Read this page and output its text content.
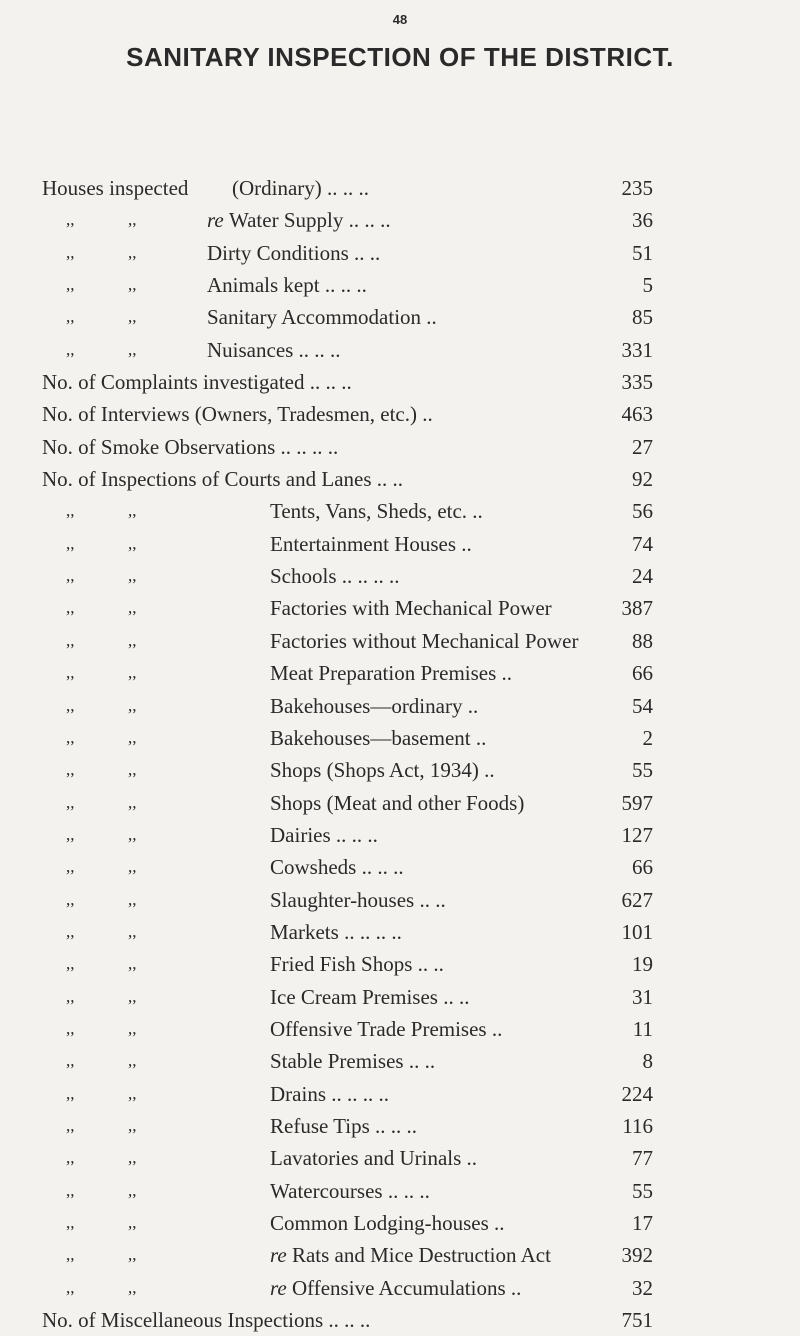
48
SANITARY INSPECTION OF THE DISTRICT.
Houses inspected (Ordinary) .. .. ..	235
,,	,,	re Water Supply .. .. ..	36
,,	,,	Dirty Conditions .. ..	51
,,	,,	Animals kept .. .. ..	5
,,	,,	Sanitary Accommodation ..	85
,,	,,	Nuisances .. .. ..	331
No. of Complaints investigated .. .. ..	335
No. of Interviews (Owners, Tradesmen, etc.) ..	463
No. of Smoke Observations .. .. .. ..	27
No. of Inspections of Courts and Lanes .. ..	92
,,	,,	Tents, Vans, Sheds, etc. ..	56
,,	,,	Entertainment Houses ..	74
,,	,,	Schools .. .. .. ..	24
,,	,,	Factories with Mechanical Power	387
,,	,,	Factories without Mechanical Power	88
,,	,,	Meat Preparation Premises ..	66
,,	,,	Bakehouses—ordinary ..	54
,,	,,	Bakehouses—basement ..	2
,,	,,	Shops (Shops Act, 1934) ..	55
,,	,,	Shops (Meat and other Foods)	597
,,	,,	Dairies .. .. ..	127
,,	,,	Cowsheds .. .. ..	66
,,	,,	Slaughter-houses .. ..	627
,,	,,	Markets .. .. .. ..	101
,,	,,	Fried Fish Shops .. ..	19
,,	,,	Ice Cream Premises .. ..	31
,,	,,	Offensive Trade Premises ..	11
,,	,,	Stable Premises .. ..	8
,,	,,	Drains .. .. .. ..	224
,,	,,	Refuse Tips .. .. ..	116
,,	,,	Lavatories and Urinals ..	77
,,	,,	Watercourses .. .. ..	55
,,	,,	Common Lodging-houses ..	17
,,	,,	re Rats and Mice Destruction Act	392
,,	,,	re Offensive Accumulations ..	32
No. of Miscellaneous Inspections .. .. ..	751
